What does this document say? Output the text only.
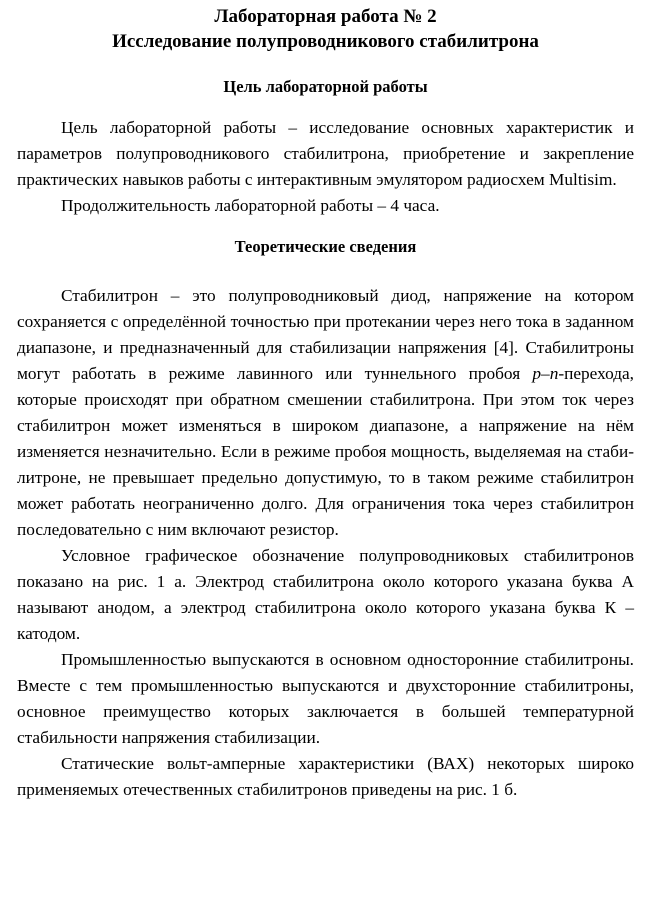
Лабораторная работа № 2
Исследование полупроводникового стабилитрона
Цель лабораторной работы

Цель лабораторной работы – исследование основных характеристик и параметров полупроводникового стабилитрона, приобретение и закрепление практических навыков работы с интерактивным эмулятором радиосхем Multisim.

Продолжительность лабораторной работы – 4 часа.

Теоретические сведения

Стабилитрон – это полупроводниковый диод, напряжение на котором сохраняется с определённой точностью при протекании через него тока в заданном диапазоне, и предназначенный для стабилизации напряжения [4]. Стабилитроны могут работать в режиме лавинного или туннельного пробоя p–n-перехода, которые происходят при обратном смешении стабилитрона. При этом ток через стабилитрон может изменяться в широком диапазоне, а напряжение на нём изменяется незначительно. Если в режиме пробоя мощность, выделяемая на стабилитроне, не превышает предельно допустимую, то в таком режиме стабилитрон может работать неограниченно долго. Для ограничения тока через стабилитрон последовательно с ним включают резистор.

Условное графическое обозначение полупроводниковых стабилитронов показано на рис. 1 а. Электрод стабилитрона около которого указана буква А называют анодом, а электрод стабилитрона около которого указана буква К – катодом.

Промышленностью выпускаются в основном односторонние стабилитроны. Вместе с тем промышленностью выпускаются и двухсторонние стабилитроны, основное преимущество которых заключается в большей температурной стабильности напряжения стабилизации.

Статические вольт-амперные характеристики (ВАХ) некоторых широко применяемых отечественных стабилитронов приведены на рис. 1 б.
